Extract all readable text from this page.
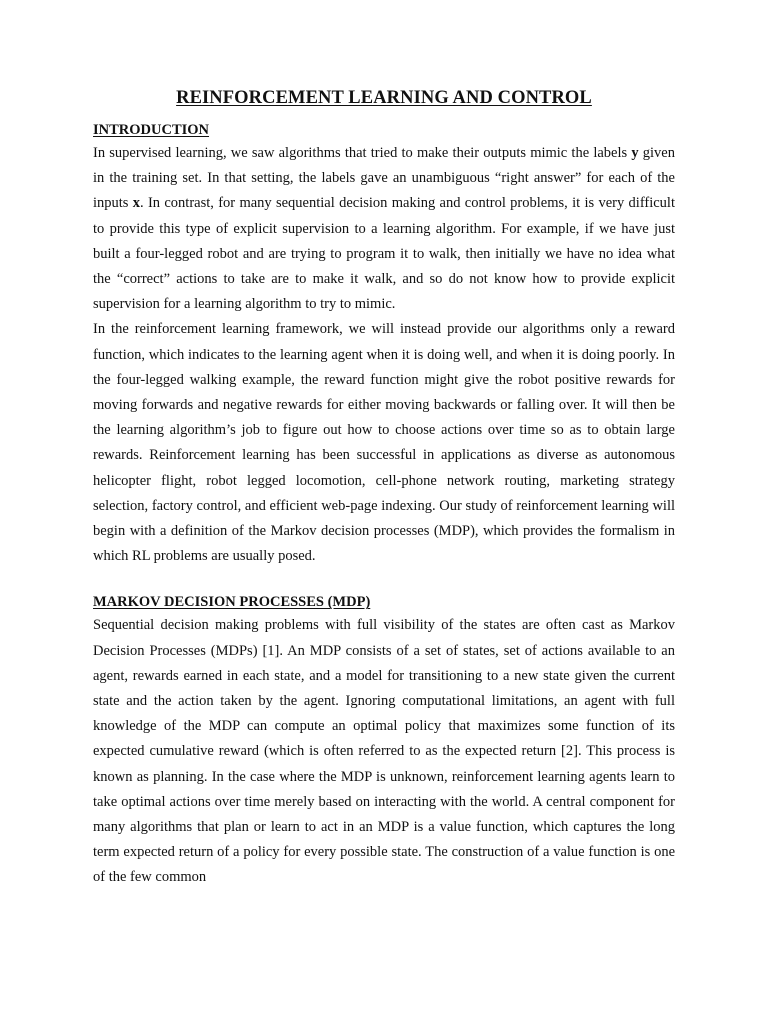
REINFORCEMENT LEARNING AND CONTROL
INTRODUCTION

In supervised learning, we saw algorithms that tried to make their outputs mimic the labels y given in the training set. In that setting, the labels gave an unambiguous “right answer” for each of the inputs x. In contrast, for many sequential decision making and control problems, it is very difficult to provide this type of explicit supervision to a learning algorithm. For example, if we have just built a four-legged robot and are trying to program it to walk, then initially we have no idea what the “correct” actions to take are to make it walk, and so do not know how to provide explicit supervision for a learning algorithm to try to mimic.

In the reinforcement learning framework, we will instead provide our algorithms only a reward function, which indicates to the learning agent when it is doing well, and when it is doing poorly. In the four-legged walking example, the reward function might give the robot positive rewards for moving forwards and negative rewards for either moving backwards or falling over. It will then be the learning algorithm’s job to figure out how to choose actions over time so as to obtain large rewards. Reinforcement learning has been successful in applications as diverse as autonomous helicopter flight, robot legged locomotion, cell-phone network routing, marketing strategy selection, factory control, and efficient web-page indexing. Our study of reinforcement learning will begin with a definition of the Markov decision processes (MDP), which provides the formalism in which RL problems are usually posed.

MARKOV DECISION PROCESSES (MDP)

Sequential decision making problems with full visibility of the states are often cast as Markov Decision Processes (MDPs) [1]. An MDP consists of a set of states, set of actions available to an agent, rewards earned in each state, and a model for transitioning to a new state given the current state and the action taken by the agent. Ignoring computational limitations, an agent with full knowledge of the MDP can compute an optimal policy that maximizes some function of its expected cumulative reward (which is often referred to as the expected return [2]. This process is known as planning. In the case where the MDP is unknown, reinforcement learning agents learn to take optimal actions over time merely based on interacting with the world. A central component for many algorithms that plan or learn to act in an MDP is a value function, which captures the long term expected return of a policy for every possible state. The construction of a value function is one of the few common
